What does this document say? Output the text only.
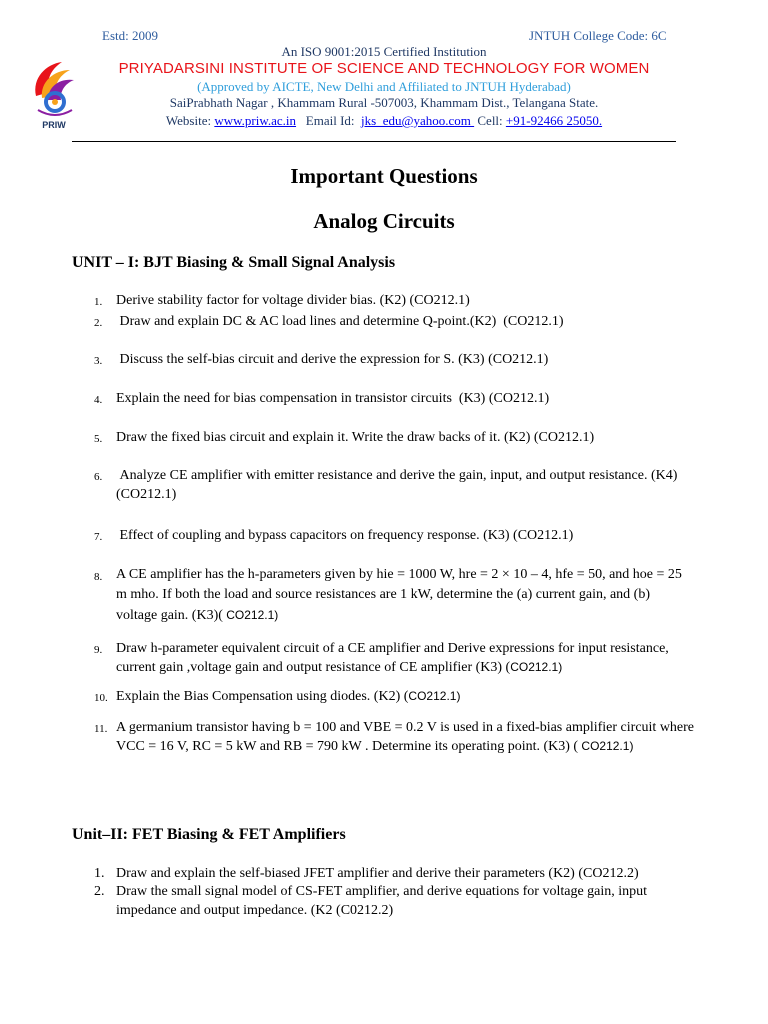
Estd: 2009	JNTUH College Code: 6C
PRIW
An ISO 9001:2015 Certified Institution
PRIYADARSINI INSTITUTE OF SCIENCE AND TECHNOLOGY FOR WOMEN
(Approved by AICTE, New Delhi and Affiliated to JNTUH Hyderabad)
SaiPrabhath Nagar , Khammam Rural -507003, Khammam Dist., Telangana State.
Website: www.priw.ac.in   Email Id:  jks_edu@yahoo.com  Cell: +91-92466 25050.
Important Questions
Analog Circuits
UNIT – I: BJT Biasing & Small Signal Analysis
1. Derive stability factor for voltage divider bias. (K2) (CO212.1)
2. Draw and explain DC & AC load lines and determine Q-point.(K2)  (CO212.1)
3. Discuss the self-bias circuit and derive the expression for S. (K3) (CO212.1)
4. Explain the need for bias compensation in transistor circuits  (K3) (CO212.1)
5. Draw the fixed bias circuit and explain it. Write the draw backs of it. (K2) (CO212.1)
6. Analyze CE amplifier with emitter resistance and derive the gain, input, and output resistance. (K4) (CO212.1)
7. Effect of coupling and bypass capacitors on frequency response. (K3) (CO212.1)
8. A CE amplifier has the h-parameters given by hie = 1000 W, hre = 2 × 10 – 4, hfe = 50, and hoe = 25 m mho. If both the load and source resistances are 1 kW, determine the (a) current gain, and (b) voltage gain. (K3)( CO212.1)
9. Draw h-parameter equivalent circuit of a CE amplifier and Derive expressions for input resistance, current gain ,voltage gain and output resistance of CE amplifier (K3) (CO212.1)
10. Explain the Bias Compensation using diodes. (K2) (CO212.1)
11. A germanium transistor having b = 100 and VBE = 0.2 V is used in a fixed-bias amplifier circuit where VCC = 16 V, RC = 5 kW and RB = 790 kW . Determine its operating point. (K3) ( CO212.1)
Unit–II: FET Biasing & FET Amplifiers
1. Draw and explain the self-biased JFET amplifier and derive their parameters (K2) (CO212.2)
2. Draw the small signal model of CS-FET amplifier, and derive equations for voltage gain, input impedance and output impedance. (K2 (C0212.2)
